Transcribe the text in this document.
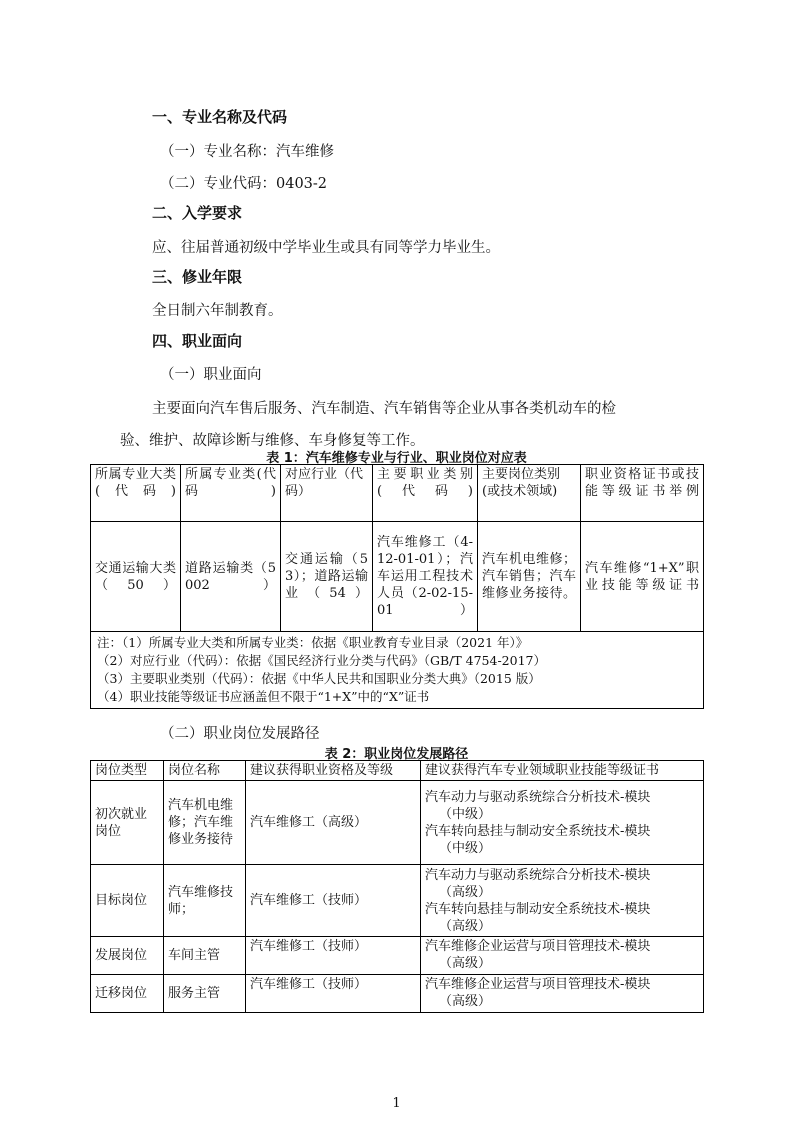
一、专业名称及代码
（一）专业名称：汽车维修
（二）专业代码：0403-2
二、入学要求
应、往届普通初级中学毕业生或具有同等学力毕业生。
三、修业年限
全日制六年制教育。
四、职业面向
（一）职业面向
主要面向汽车售后服务、汽车制造、汽车销售等企业从事各类机动车的检
验、维护、故障诊断与维修、车身修复等工作。
表 1：汽车维修专业与行业、职业岗位对应表
所属专业大类(代码)	所属专业类(代码)	对应行业（代码）	主要职业类别(代码)	主要岗位类别(或技术领域)	职业资格证书或技能等级证书举例
交通运输大类（50）	道路运输类（5002）	交通运输（53）；道路运输业（54）	汽车维修工（4-12-01-01）；汽车运用工程技术人员（2-02-15-01）	汽车机电维修；汽车销售；汽车维修业务接待。	汽车维修“1+X”职业技能等级证书

注：（1）所属专业大类和所属专业类：依据《职业教育专业目录（2021 年）》
（2）对应行业（代码）：依据《国民经济行业分类与代码》（GB/T 4754-2017）
（3）主要职业类别（代码）：依据《中华人民共和国职业分类大典》（2015 版）
（4）职业技能等级证书应涵盖但不限于“1+X”中的“X”证书					
（二）职业岗位发展路径
表 2：职业岗位发展路径
岗位类型	岗位名称	建议获得职业资格及等级	建议获得汽车专业领域职业技能等级证书
初次就业岗位	汽车机电维修；汽车维修业务接待	汽车维修工（高级）	汽车动力与驱动系统综合分析技术-模块
（中级）
汽车转向悬挂与制动安全系统技术-模块
（中级）

目标岗位	汽车维修技师；	汽车维修工（技师）	汽车动力与驱动系统综合分析技术-模块
（高级）
汽车转向悬挂与制动安全系统技术-模块
（高级）

发展岗位	车间主管	汽车维修工（技师）	汽车维修企业运营与项目管理技术-模块
（高级）

迁移岗位	服务主管	汽车维修工（技师）	汽车维修企业运营与项目管理技术-模块
（高级）
1
